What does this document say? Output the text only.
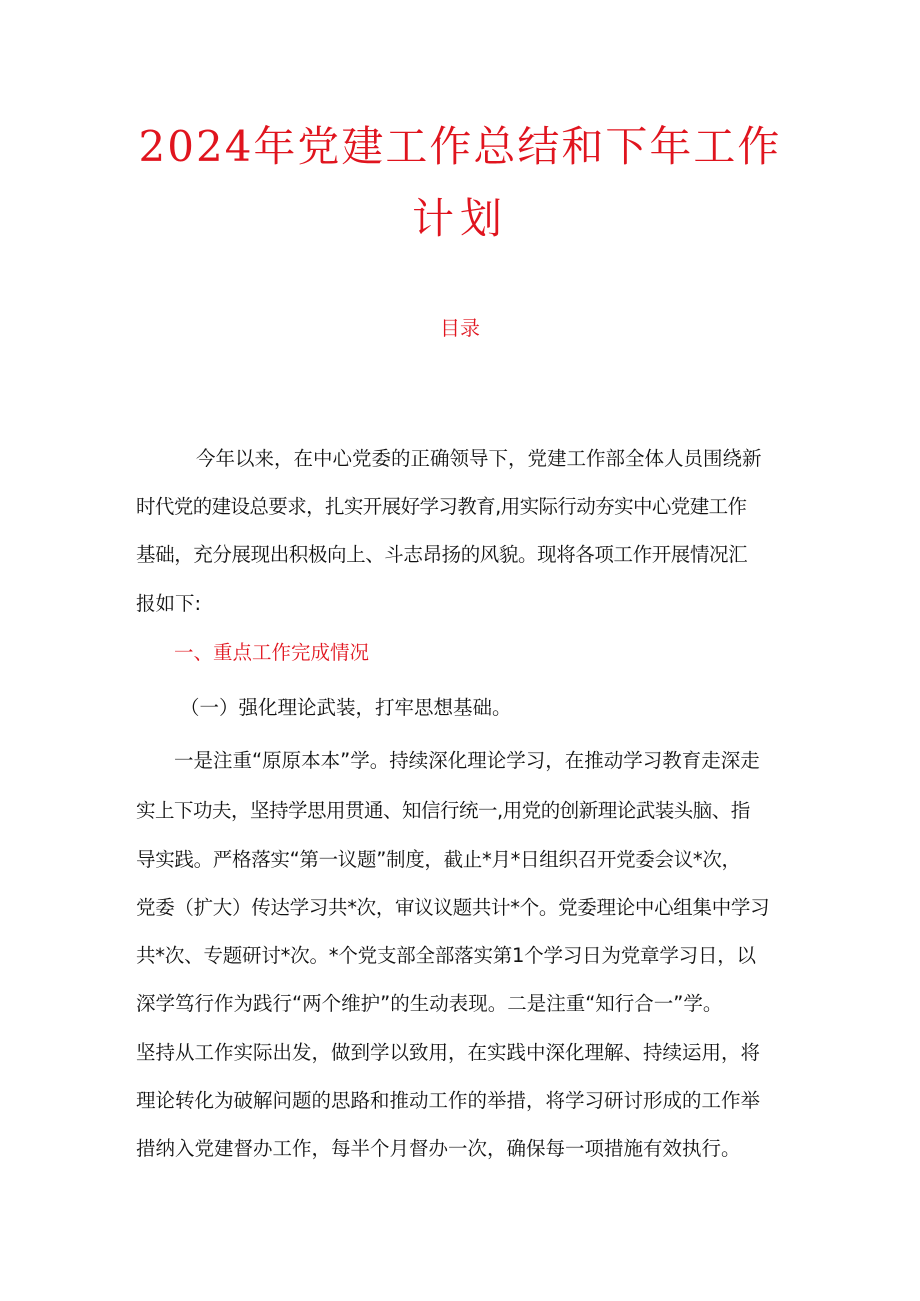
2024年党建工作总结和下年工作
计划
目录
今年以来，在中心党委的正确领导下，党建工作部全体人员围绕新
时代党的建设总要求，扎实开展好学习教育,用实际行动夯实中心党建工作
基础，充分展现出积极向上、斗志昂扬的风貌。现将各项工作开展情况汇
报如下:
一、重点工作完成情况
（一）强化理论武装，打牢思想基础。
一是注重“原原本本”学。持续深化理论学习，在推动学习教育走深走
实上下功夫，坚持学思用贯通、知信行统一,用党的创新理论武装头脑、指
导实践。严格落实“第一议题”制度，截止*月*日组织召开党委会议*次，
党委（扩大）传达学习共*次，审议议题共计*个。党委理论中心组集中学习
共*次、专题研讨*次。*个党支部全部落实第1个学习日为党章学习日，以
深学笃行作为践行“两个维护”的生动表现。二是注重“知行合一”学。
坚持从工作实际出发，做到学以致用，在实践中深化理解、持续运用，将
理论转化为破解问题的思路和推动工作的举措，将学习研讨形成的工作举
措纳入党建督办工作，每半个月督办一次，确保每一项措施有效执行。
